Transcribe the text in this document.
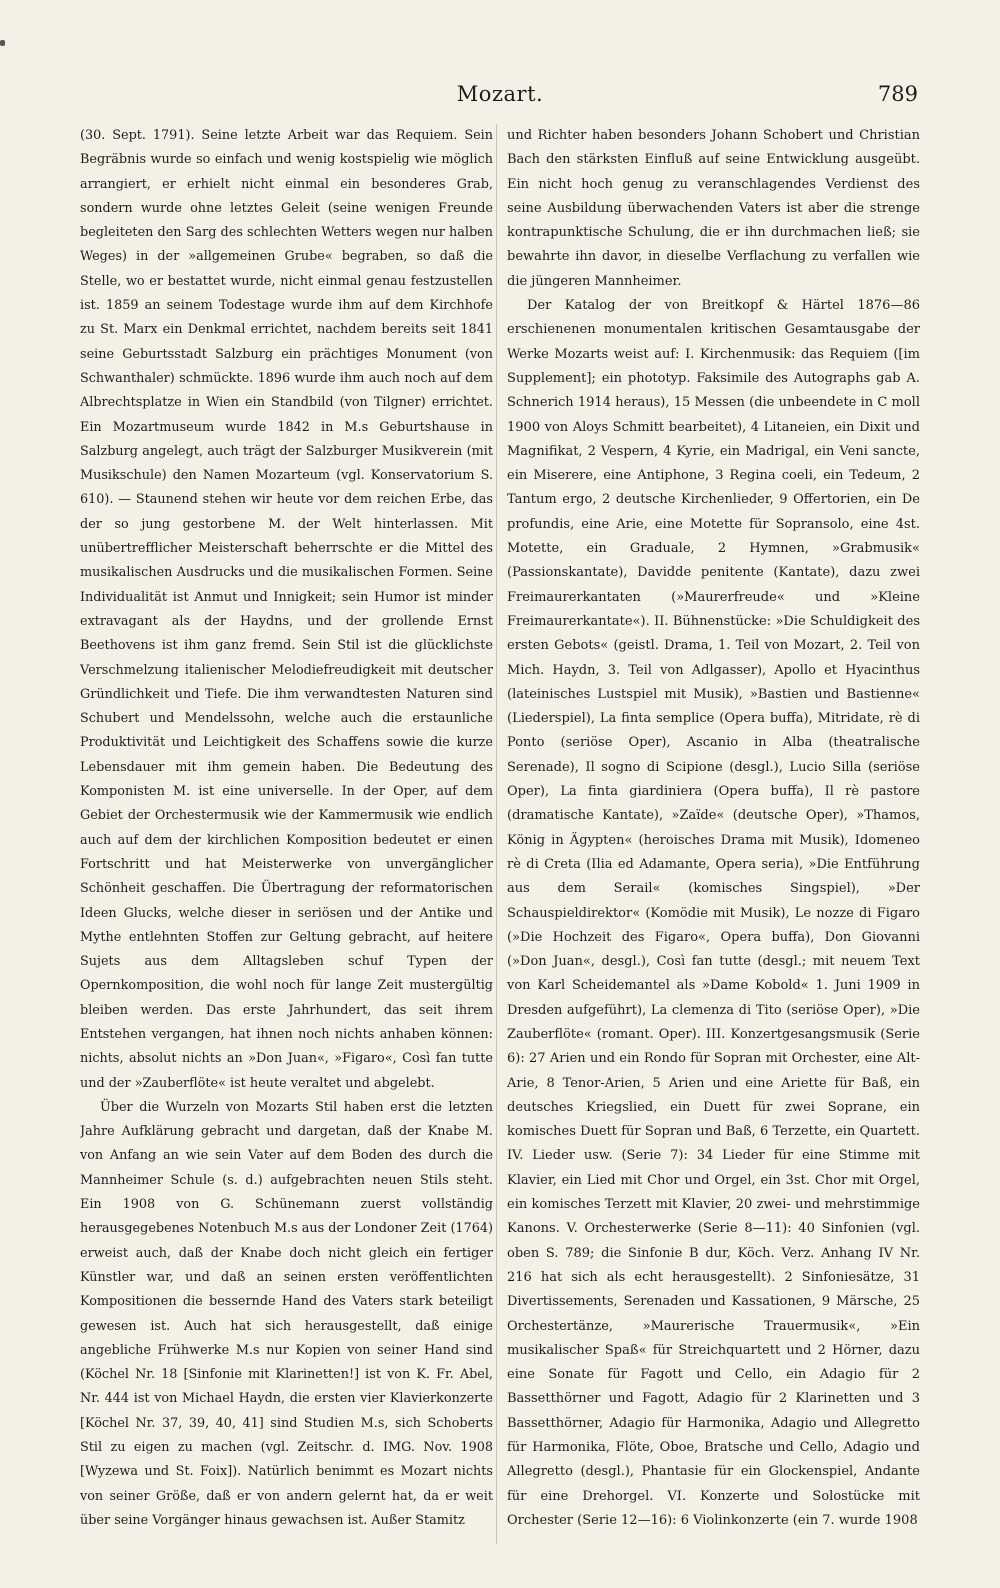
Mozart.	789

(30. Sept. 1791). Seine letzte Arbeit war das Requiem. Sein Begräbnis wurde so einfach und wenig kostspielig wie möglich arrangiert, er erhielt nicht einmal ein besonderes Grab, sondern wurde ohne letztes Geleit (seine wenigen Freunde begleiteten den Sarg des schlechten Wetters wegen nur halben Weges) in der »allgemeinen Grube« begraben, so daß die Stelle, wo er bestattet wurde, nicht einmal genau festzustellen ist. 1859 an seinem Todestage wurde ihm auf dem Kirchhofe zu St. Marx ein Denkmal errichtet, nachdem bereits seit 1841 seine Geburtsstadt Salzburg ein prächtiges Monument (von Schwanthaler) schmückte. 1896 wurde ihm auch noch auf dem Albrechtsplatze in Wien ein Standbild (von Tilgner) errichtet. Ein Mozartmuseum wurde 1842 in M.s Geburtshause in Salzburg angelegt, auch trägt der Salzburger Musikverein (mit Musikschule) den Namen Mozarteum (vgl. Konservatorium S. 610). — Staunend stehen wir heute vor dem reichen Erbe, das der so jung gestorbene M. der Welt hinterlassen. Mit unübertrefflicher Meisterschaft beherrschte er die Mittel des musikalischen Ausdrucks und die musikalischen Formen. Seine Individualität ist Anmut und Innigkeit; sein Humor ist minder extravagant als der Haydns, und der grollende Ernst Beethovens ist ihm ganz fremd. Sein Stil ist die glücklichste Verschmelzung italienischer Melodiefreudigkeit mit deutscher Gründlichkeit und Tiefe. Die ihm verwandtesten Naturen sind Schubert und Mendelssohn, welche auch die erstaunliche Produktivität und Leichtigkeit des Schaffens sowie die kurze Lebensdauer mit ihm gemein haben. Die Bedeutung des Komponisten M. ist eine universelle. In der Oper, auf dem Gebiet der Orchestermusik wie der Kammermusik wie endlich auch auf dem der kirchlichen Komposition bedeutet er einen Fortschritt und hat Meisterwerke von unvergänglicher Schönheit geschaffen. Die Übertragung der reformatorischen Ideen Glucks, welche dieser in seriösen und der Antike und Mythe entlehnten Stoffen zur Geltung gebracht, auf heitere Sujets aus dem Alltagsleben schuf Typen der Opernkomposition, die wohl noch für lange Zeit mustergültig bleiben werden. Das erste Jahrhundert, das seit ihrem Entstehen vergangen, hat ihnen noch nichts anhaben können: nichts, absolut nichts an »Don Juan«, »Figaro«, Così fan tutte und der »Zauberflöte« ist heute veraltet und abgelebt.

Über die Wurzeln von Mozarts Stil haben erst die letzten Jahre Aufklärung gebracht und dargetan, daß der Knabe M. von Anfang an wie sein Vater auf dem Boden des durch die Mannheimer Schule (s. d.) aufgebrachten neuen Stils steht. Ein 1908 von G. Schünemann zuerst vollständig herausgegebenes Notenbuch M.s aus der Londoner Zeit (1764) erweist auch, daß der Knabe doch nicht gleich ein fertiger Künstler war, und daß an seinen ersten veröffentlichten Kompositionen die bessernde Hand des Vaters stark beteiligt gewesen ist. Auch hat sich herausgestellt, daß einige angebliche Frühwerke M.s nur Kopien von seiner Hand sind (Köchel Nr. 18 [Sinfonie mit Klarinetten!] ist von K. Fr. Abel, Nr. 444 ist von Michael Haydn, die ersten vier Klavierkonzerte [Köchel Nr. 37, 39, 40, 41] sind Studien M.s, sich Schoberts Stil zu eigen zu machen (vgl. Zeitschr. d. IMG. Nov. 1908 [Wyzewa und St. Foix]). Natürlich benimmt es Mozart nichts von seiner Größe, daß er von andern gelernt hat, da er weit über seine Vorgänger hinaus gewachsen ist. Außer Stamitz

und Richter haben besonders Johann Schobert und Christian Bach den stärksten Einfluß auf seine Entwicklung ausgeübt. Ein nicht hoch genug zu veranschlagendes Verdienst des seine Ausbildung überwachenden Vaters ist aber die strenge kontrapunktische Schulung, die er ihn durchmachen ließ; sie bewahrte ihn davor, in dieselbe Verflachung zu verfallen wie die jüngeren Mannheimer.

Der Katalog der von Breitkopf & Härtel 1876—86 erschienenen monumentalen kritischen Gesamtausgabe der Werke Mozarts weist auf: I. Kirchenmusik: das Requiem ([im Supplement]; ein phototyp. Faksimile des Autographs gab A. Schnerich 1914 heraus), 15 Messen (die unbeendete in C moll 1900 von Aloys Schmitt bearbeitet), 4 Litaneien, ein Dixit und Magnifikat, 2 Vespern, 4 Kyrie, ein Madrigal, ein Veni sancte, ein Miserere, eine Antiphone, 3 Regina coeli, ein Tedeum, 2 Tantum ergo, 2 deutsche Kirchenlieder, 9 Offertorien, ein De profundis, eine Arie, eine Motette für Sopransolo, eine 4st. Motette, ein Graduale, 2 Hymnen, »Grabmusik« (Passionskantate), Davidde penitente (Kantate), dazu zwei Freimaurerkantaten (»Maurerfreude« und »Kleine Freimaurerkantate«). II. Bühnenstücke: »Die Schuldigkeit des ersten Gebots« (geistl. Drama, 1. Teil von Mozart, 2. Teil von Mich. Haydn, 3. Teil von Adlgasser), Apollo et Hyacinthus (lateinisches Lustspiel mit Musik), »Bastien und Bastienne« (Liederspiel), La finta semplice (Opera buffa), Mitridate, rè di Ponto (seriöse Oper), Ascanio in Alba (theatralische Serenade), Il sogno di Scipione (desgl.), Lucio Silla (seriöse Oper), La finta giardiniera (Opera buffa), Il rè pastore (dramatische Kantate), »Zaïde« (deutsche Oper), »Thamos, König in Ägypten« (heroisches Drama mit Musik), Idomeneo rè di Creta (Ilia ed Adamante, Opera seria), »Die Entführung aus dem Serail« (komisches Singspiel), »Der Schauspieldirektor« (Komödie mit Musik), Le nozze di Figaro (»Die Hochzeit des Figaro«, Opera buffa), Don Giovanni (»Don Juan«, desgl.), Così fan tutte (desgl.; mit neuem Text von Karl Scheidemantel als »Dame Kobold« 1. Juni 1909 in Dresden aufgeführt), La clemenza di Tito (seriöse Oper), »Die Zauberflöte« (romant. Oper). III. Konzertgesangsmusik (Serie 6): 27 Arien und ein Rondo für Sopran mit Orchester, eine Alt-Arie, 8 Tenor-Arien, 5 Arien und eine Ariette für Baß, ein deutsches Kriegslied, ein Duett für zwei Soprane, ein komisches Duett für Sopran und Baß, 6 Terzette, ein Quartett. IV. Lieder usw. (Serie 7): 34 Lieder für eine Stimme mit Klavier, ein Lied mit Chor und Orgel, ein 3st. Chor mit Orgel, ein komisches Terzett mit Klavier, 20 zwei- und mehrstimmige Kanons. V. Orchesterwerke (Serie 8—11): 40 Sinfonien (vgl. oben S. 789; die Sinfonie B dur, Köch. Verz. Anhang IV Nr. 216 hat sich als echt herausgestellt). 2 Sinfoniesätze, 31 Divertissements, Serenaden und Kassationen, 9 Märsche, 25 Orchestertänze, »Maurerische Trauermusik«, »Ein musikalischer Spaß« für Streichquartett und 2 Hörner, dazu eine Sonate für Fagott und Cello, ein Adagio für 2 Bassetthörner und Fagott, Adagio für 2 Klarinetten und 3 Bassetthörner, Adagio für Harmonika, Adagio und Allegretto für Harmonika, Flöte, Oboe, Bratsche und Cello, Adagio und Allegretto (desgl.), Phantasie für ein Glockenspiel, Andante für eine Drehorgel. VI. Konzerte und Solostücke mit Orchester (Serie 12—16): 6 Violinkonzerte (ein 7. wurde 1908
